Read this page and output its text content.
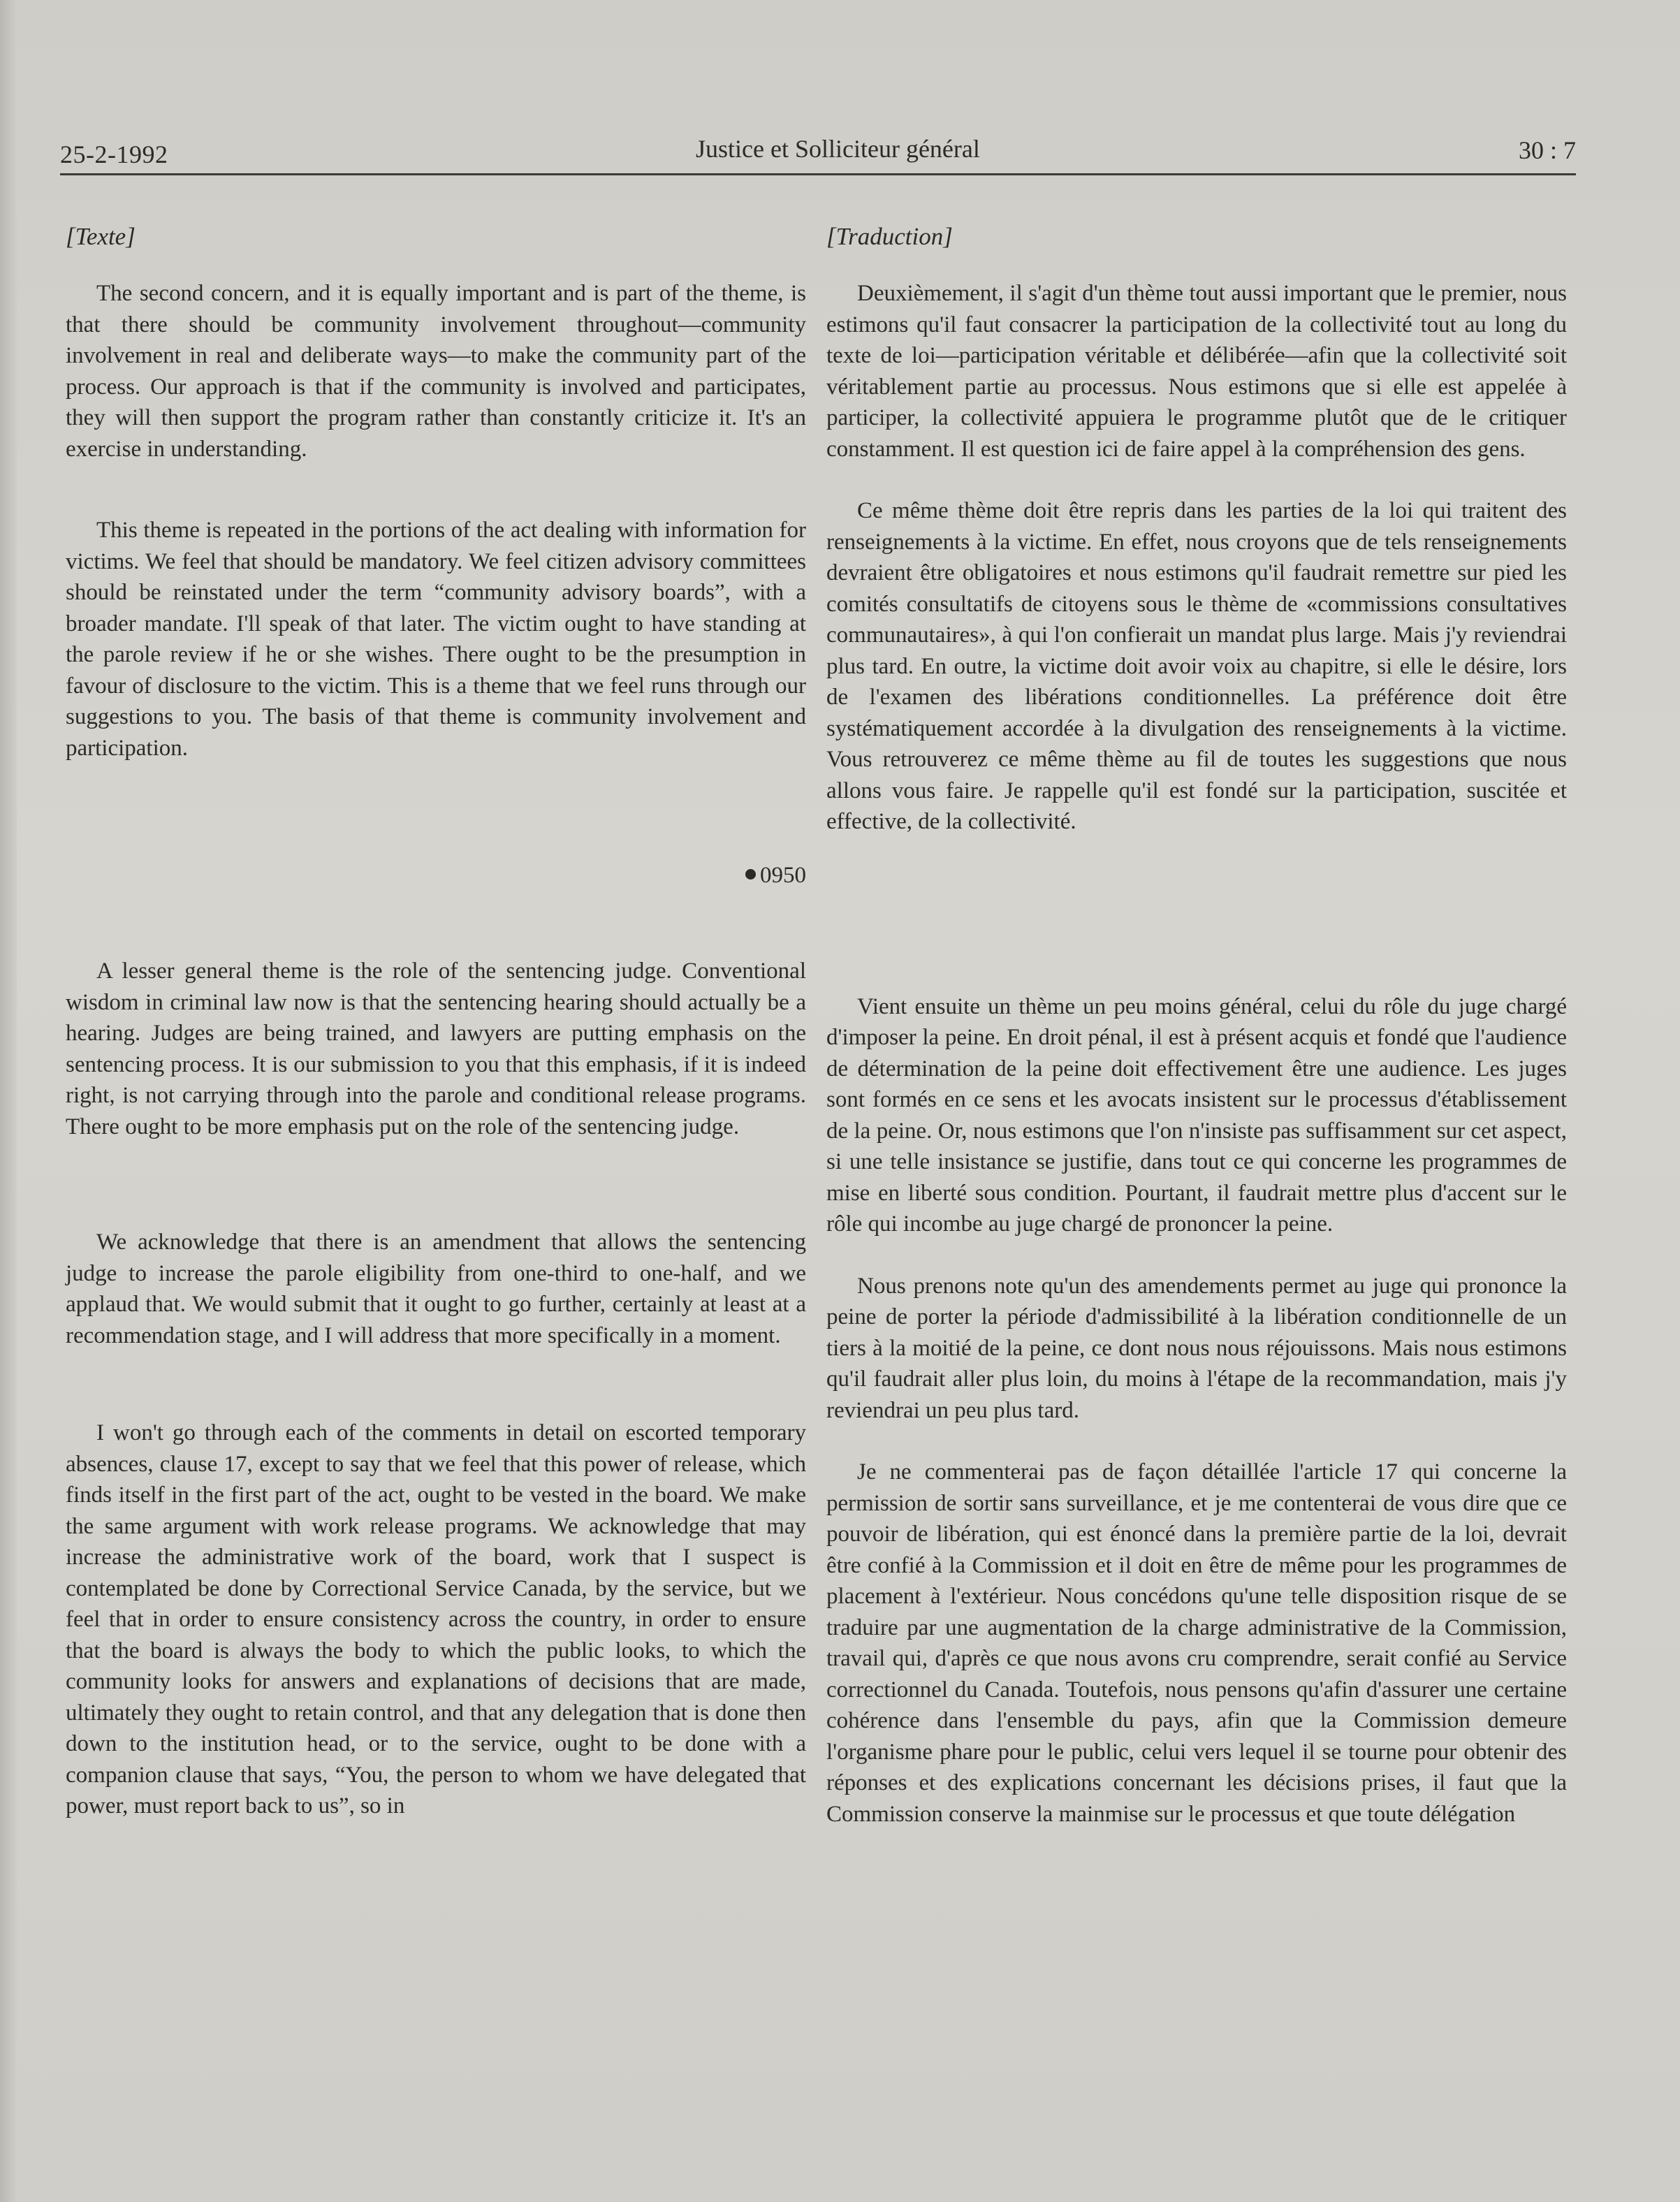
25-2-1992	Justice et Solliciteur général	30 : 7
[Texte]

The second concern, and it is equally important and is part of the theme, is that there should be community involvement throughout—community involvement in real and deliberate ways—to make the community part of the process. Our approach is that if the community is involved and participates, they will then support the program rather than constantly criticize it. It's an exercise in understanding.

This theme is repeated in the portions of the act dealing with information for victims. We feel that should be mandatory. We feel citizen advisory committees should be reinstated under the term “community advisory boards”, with a broader mandate. I'll speak of that later. The victim ought to have standing at the parole review if he or she wishes. There ought to be the presumption in favour of disclosure to the victim. This is a theme that we feel runs through our suggestions to you. The basis of that theme is community involvement and participation.

0950

A lesser general theme is the role of the sentencing judge. Conventional wisdom in criminal law now is that the sentencing hearing should actually be a hearing. Judges are being trained, and lawyers are putting emphasis on the sentencing process. It is our submission to you that this emphasis, if it is indeed right, is not carrying through into the parole and conditional release programs. There ought to be more emphasis put on the role of the sentencing judge.

We acknowledge that there is an amendment that allows the sentencing judge to increase the parole eligibility from one-third to one-half, and we applaud that. We would submit that it ought to go further, certainly at least at a recommendation stage, and I will address that more specifically in a moment.

I won't go through each of the comments in detail on escorted temporary absences, clause 17, except to say that we feel that this power of release, which finds itself in the first part of the act, ought to be vested in the board. We make the same argument with work release programs. We acknowledge that may increase the administrative work of the board, work that I suspect is contemplated be done by Correctional Service Canada, by the service, but we feel that in order to ensure consistency across the country, in order to ensure that the board is always the body to which the public looks, to which the community looks for answers and explanations of decisions that are made, ultimately they ought to retain control, and that any delegation that is done then down to the institution head, or to the service, ought to be done with a companion clause that says, “You, the person to whom we have delegated that power, must report back to us”, so in

[Traduction]

Deuxièmement, il s'agit d'un thème tout aussi important que le premier, nous estimons qu'il faut consacrer la participation de la collectivité tout au long du texte de loi—participation véritable et délibérée—afin que la collectivité soit véritablement partie au processus. Nous estimons que si elle est appelée à participer, la collectivité appuiera le programme plutôt que de le critiquer constamment. Il est question ici de faire appel à la compréhension des gens.

Ce même thème doit être repris dans les parties de la loi qui traitent des renseignements à la victime. En effet, nous croyons que de tels renseignements devraient être obligatoires et nous estimons qu'il faudrait remettre sur pied les comités consultatifs de citoyens sous le thème de «commissions consultatives communautaires», à qui l'on confierait un mandat plus large. Mais j'y reviendrai plus tard. En outre, la victime doit avoir voix au chapitre, si elle le désire, lors de l'examen des libérations conditionnelles. La préférence doit être systématiquement accordée à la divulgation des renseignements à la victime. Vous retrouverez ce même thème au fil de toutes les suggestions que nous allons vous faire. Je rappelle qu'il est fondé sur la participation, suscitée et effective, de la collectivité.

Vient ensuite un thème un peu moins général, celui du rôle du juge chargé d'imposer la peine. En droit pénal, il est à présent acquis et fondé que l'audience de détermination de la peine doit effectivement être une audience. Les juges sont formés en ce sens et les avocats insistent sur le processus d'établissement de la peine. Or, nous estimons que l'on n'insiste pas suffisamment sur cet aspect, si une telle insistance se justifie, dans tout ce qui concerne les programmes de mise en liberté sous condition. Pourtant, il faudrait mettre plus d'accent sur le rôle qui incombe au juge chargé de prononcer la peine.

Nous prenons note qu'un des amendements permet au juge qui prononce la peine de porter la période d'admissibilité à la libération conditionnelle de un tiers à la moitié de la peine, ce dont nous nous réjouissons. Mais nous estimons qu'il faudrait aller plus loin, du moins à l'étape de la recommandation, mais j'y reviendrai un peu plus tard.

Je ne commenterai pas de façon détaillée l'article 17 qui concerne la permission de sortir sans surveillance, et je me contenterai de vous dire que ce pouvoir de libération, qui est énoncé dans la première partie de la loi, devrait être confié à la Commission et il doit en être de même pour les programmes de placement à l'extérieur. Nous concédons qu'une telle disposition risque de se traduire par une augmentation de la charge administrative de la Commission, travail qui, d'après ce que nous avons cru comprendre, serait confié au Service correctionnel du Canada. Toutefois, nous pensons qu'afin d'assurer une certaine cohérence dans l'ensemble du pays, afin que la Commission demeure l'organisme phare pour le public, celui vers lequel il se tourne pour obtenir des réponses et des explications concernant les décisions prises, il faut que la Commission conserve la mainmise sur le processus et que toute délégation
